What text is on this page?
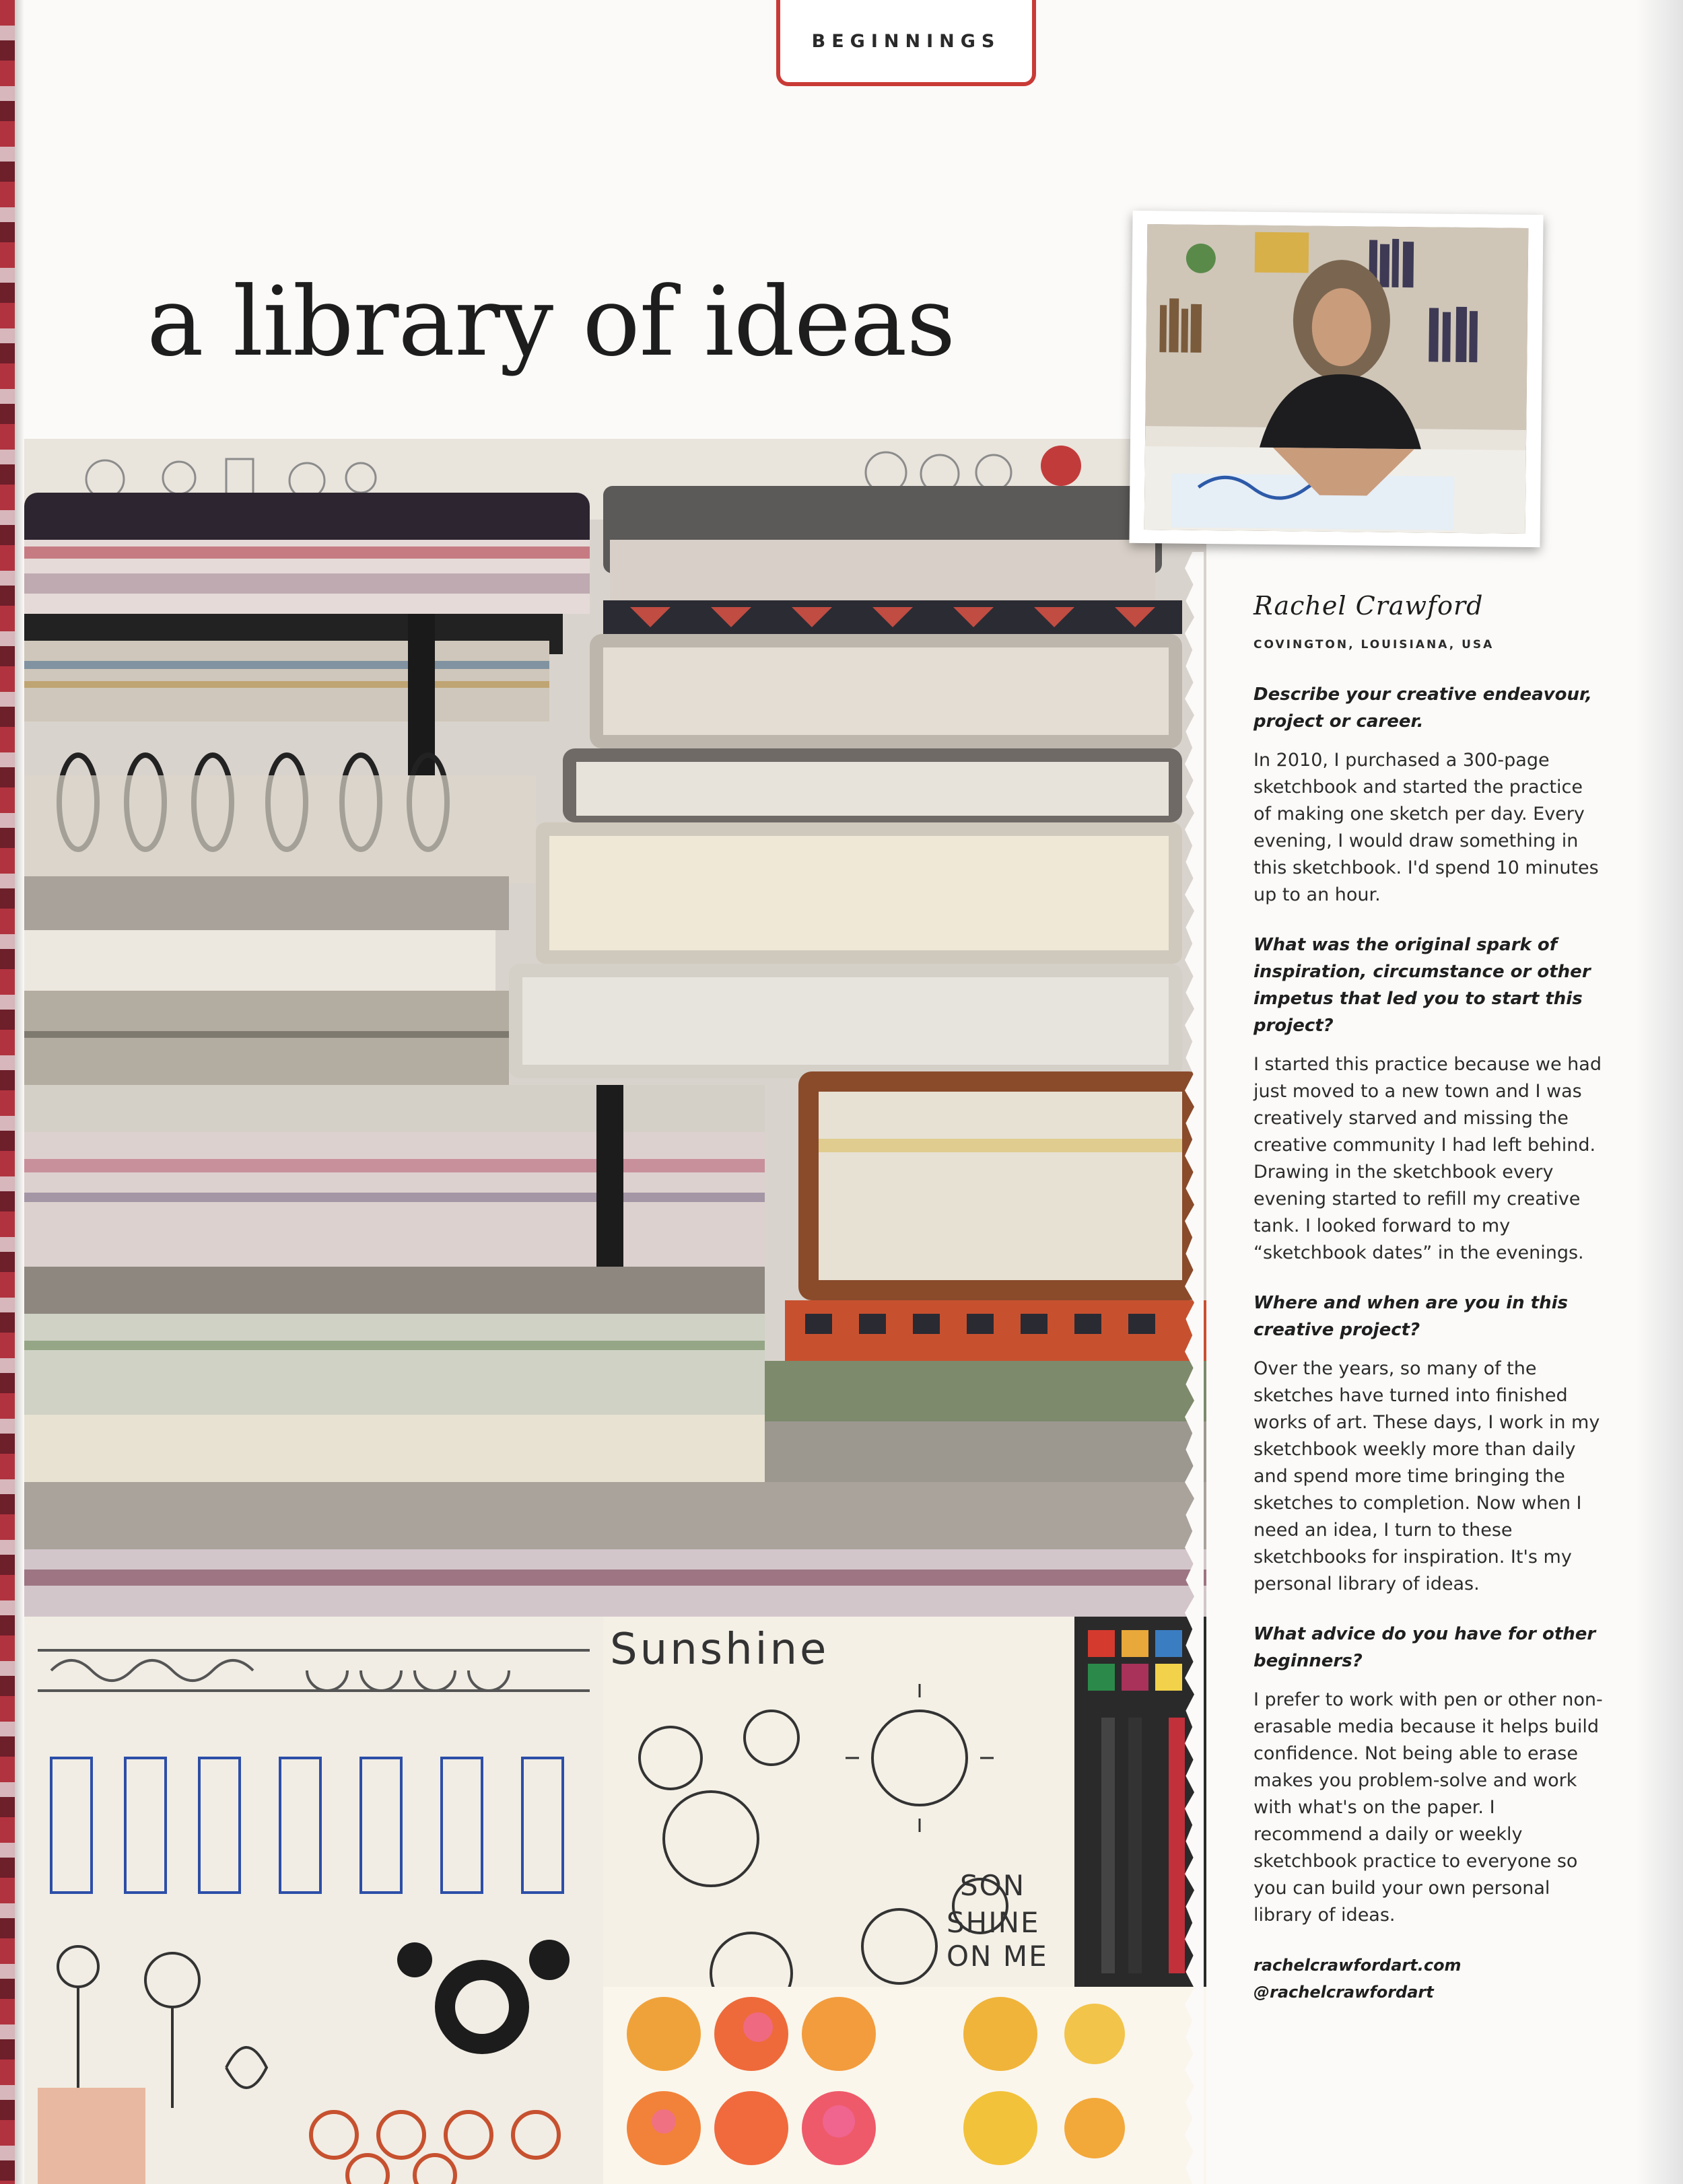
BEGINNINGS
a library of ideas
Sunshine
SON
SHINE
ON ME

Rachel Crawford

COVINGTON, LOUISIANA, USA

Describe your creative endeavour, project or career.

In 2010, I purchased a 300-page sketchbook and started the practice of making one sketch per day. Every evening, I would draw something in this sketchbook. I'd spend 10 minutes up to an hour.

What was the original spark of inspiration, circumstance or other impetus that led you to start this project?

I started this practice because we had just moved to a new town and I was creatively starved and missing the creative community I had left behind. Drawing in the sketchbook every evening started to refill my creative tank. I looked forward to my “sketchbook dates” in the evenings.

Where and when are you in this creative project?

Over the years, so many of the sketches have turned into finished works of art. These days, I work in my sketchbook weekly more than daily and spend more time bringing the sketches to completion. Now when I need an idea, I turn to these sketchbooks for inspiration. It's my personal library of ideas.

What advice do you have for other beginners?

I prefer to work with pen or other non-erasable media because it helps build confidence. Not being able to erase makes you problem-solve and work with what's on the paper. I recommend a daily or weekly sketchbook practice to everyone so you can build your own personal library of ideas.

rachelcrawfordart.com
@rachelcrawfordart
